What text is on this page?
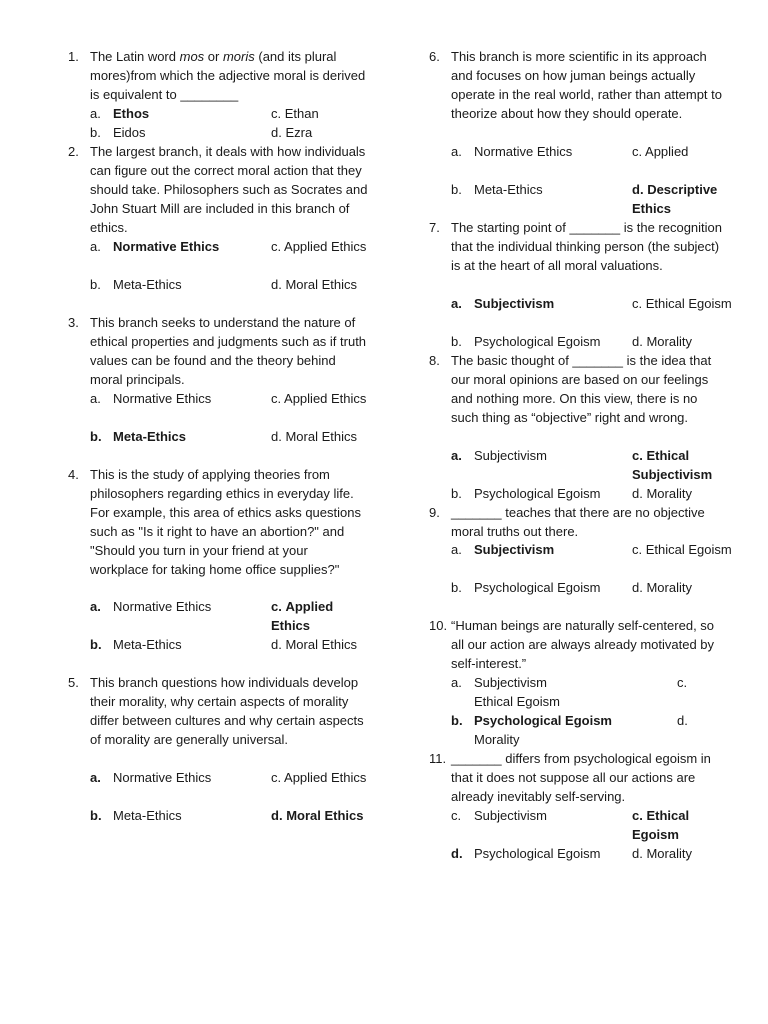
1. The Latin word mos or moris (and its plural mores)from which the adjective moral is derived is equivalent to ________
a. Ethos	c. Ethan
b. Eidos	d. Ezra
2. The largest branch, it deals with how individuals can figure out the correct moral action that they should take. Philosophers such as Socrates and John Stuart Mill are included in this branch of ethics.
a. Normative Ethics	c. Applied Ethics
b. Meta-Ethics	d. Moral Ethics
3. This branch seeks to understand the nature of ethical properties and judgments such as if truth values can be found and the theory behind moral principals.
a. Normative Ethics	c. Applied Ethics
b. Meta-Ethics	d. Moral Ethics
4. This is the study of applying theories from philosophers regarding ethics in everyday life. For example, this area of ethics asks questions such as "Is it right to have an abortion?" and "Should you turn in your friend at your workplace for taking home office supplies?"
a. Normative Ethics	c. Applied Ethics
b. Meta-Ethics	d. Moral Ethics
5. This branch questions how individuals develop their morality, why certain aspects of morality differ between cultures and why certain aspects of morality are generally universal.
a. Normative Ethics	c. Applied Ethics
b. Meta-Ethics	d. Moral Ethics
6. This branch is more scientific in its approach and focuses on how juman beings actually operate in the real world, rather than attempt to theorize about how they should operate.
a. Normative Ethics	c. Applied
b. Meta-Ethics	d. Descriptive Ethics
7. The starting point of _______ is the recognition that the individual thinking person (the subject) is at the heart of all moral valuations.
a. Subjectivism	c. Ethical Egoism
b. Psychological Egoism	d. Morality
8. The basic thought of _______ is the idea that our moral opinions are based on our feelings and nothing more. On this view, there is no such thing as “objective” right and wrong.
a. Subjectivism	c. Ethical Subjectivism
b. Psychological Egoism	d. Morality
9. _______ teaches that there are no objective moral truths out there.
a. Subjectivism	c. Ethical Egoism
b. Psychological Egoism	d. Morality
10. “Human beings are naturally self-centered, so all our action are always already motivated by self-interest.”
a. Subjectivism	c.
Ethical Egoism
b. Psychological Egoism	d.
Morality
11. _______ differs from psychological egoism in that it does not suppose all our actions are already inevitably self-serving.
c. Subjectivism	c. Ethical Egoism
d. Psychological Egoism	d. Morality
